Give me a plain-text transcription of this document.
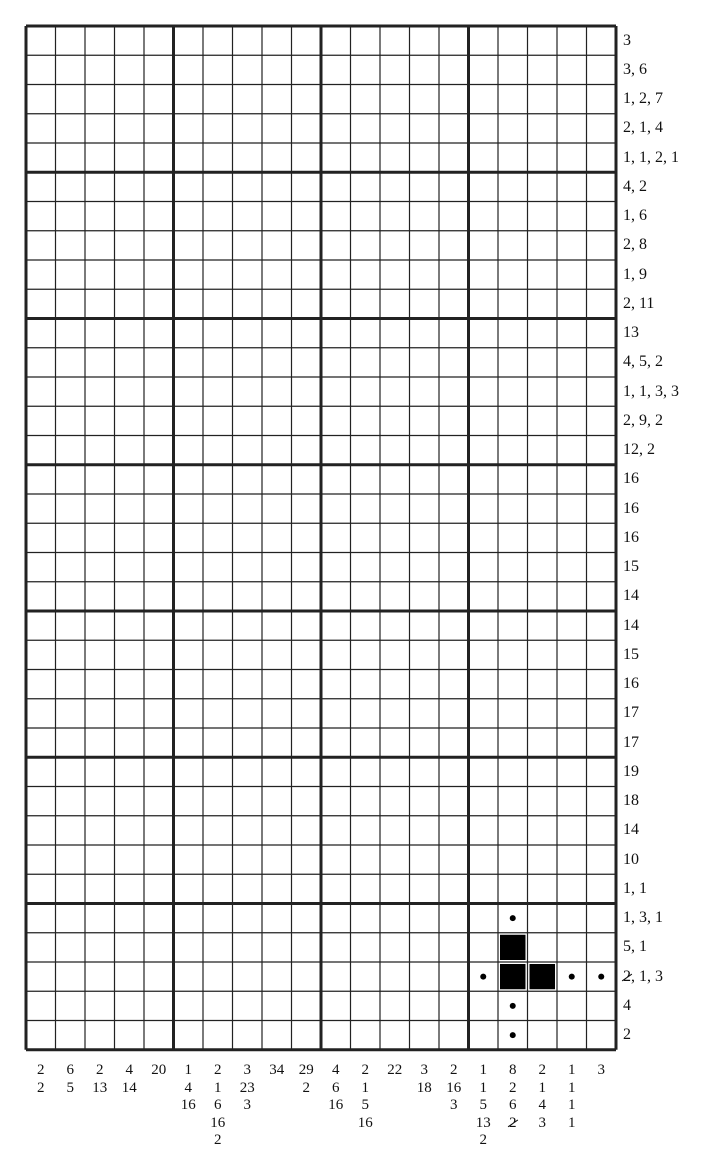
3
3, 6
1, 2, 7
2, 1, 4
1, 1, 2, 1
4, 2
1, 6
2, 8
1, 9
2, 11
13
4, 5, 2
1, 1, 3, 3
2, 9, 2
12, 2
16
16
16
15
14
14
15
16
17
17
19
18
14
10
1, 1
1, 3, 1
5, 1
2, 1, 3
4
2
2
2
6
5
2
13
4
14
20	1
4
16
2
1
6
16
2
3
23
3
34 29
2
4
6
16
2
1
5
16
22	3
18
2
16
3
1
1
5
13
2
8
2
6
2
2
1
4
3
1
1
1
1
3
